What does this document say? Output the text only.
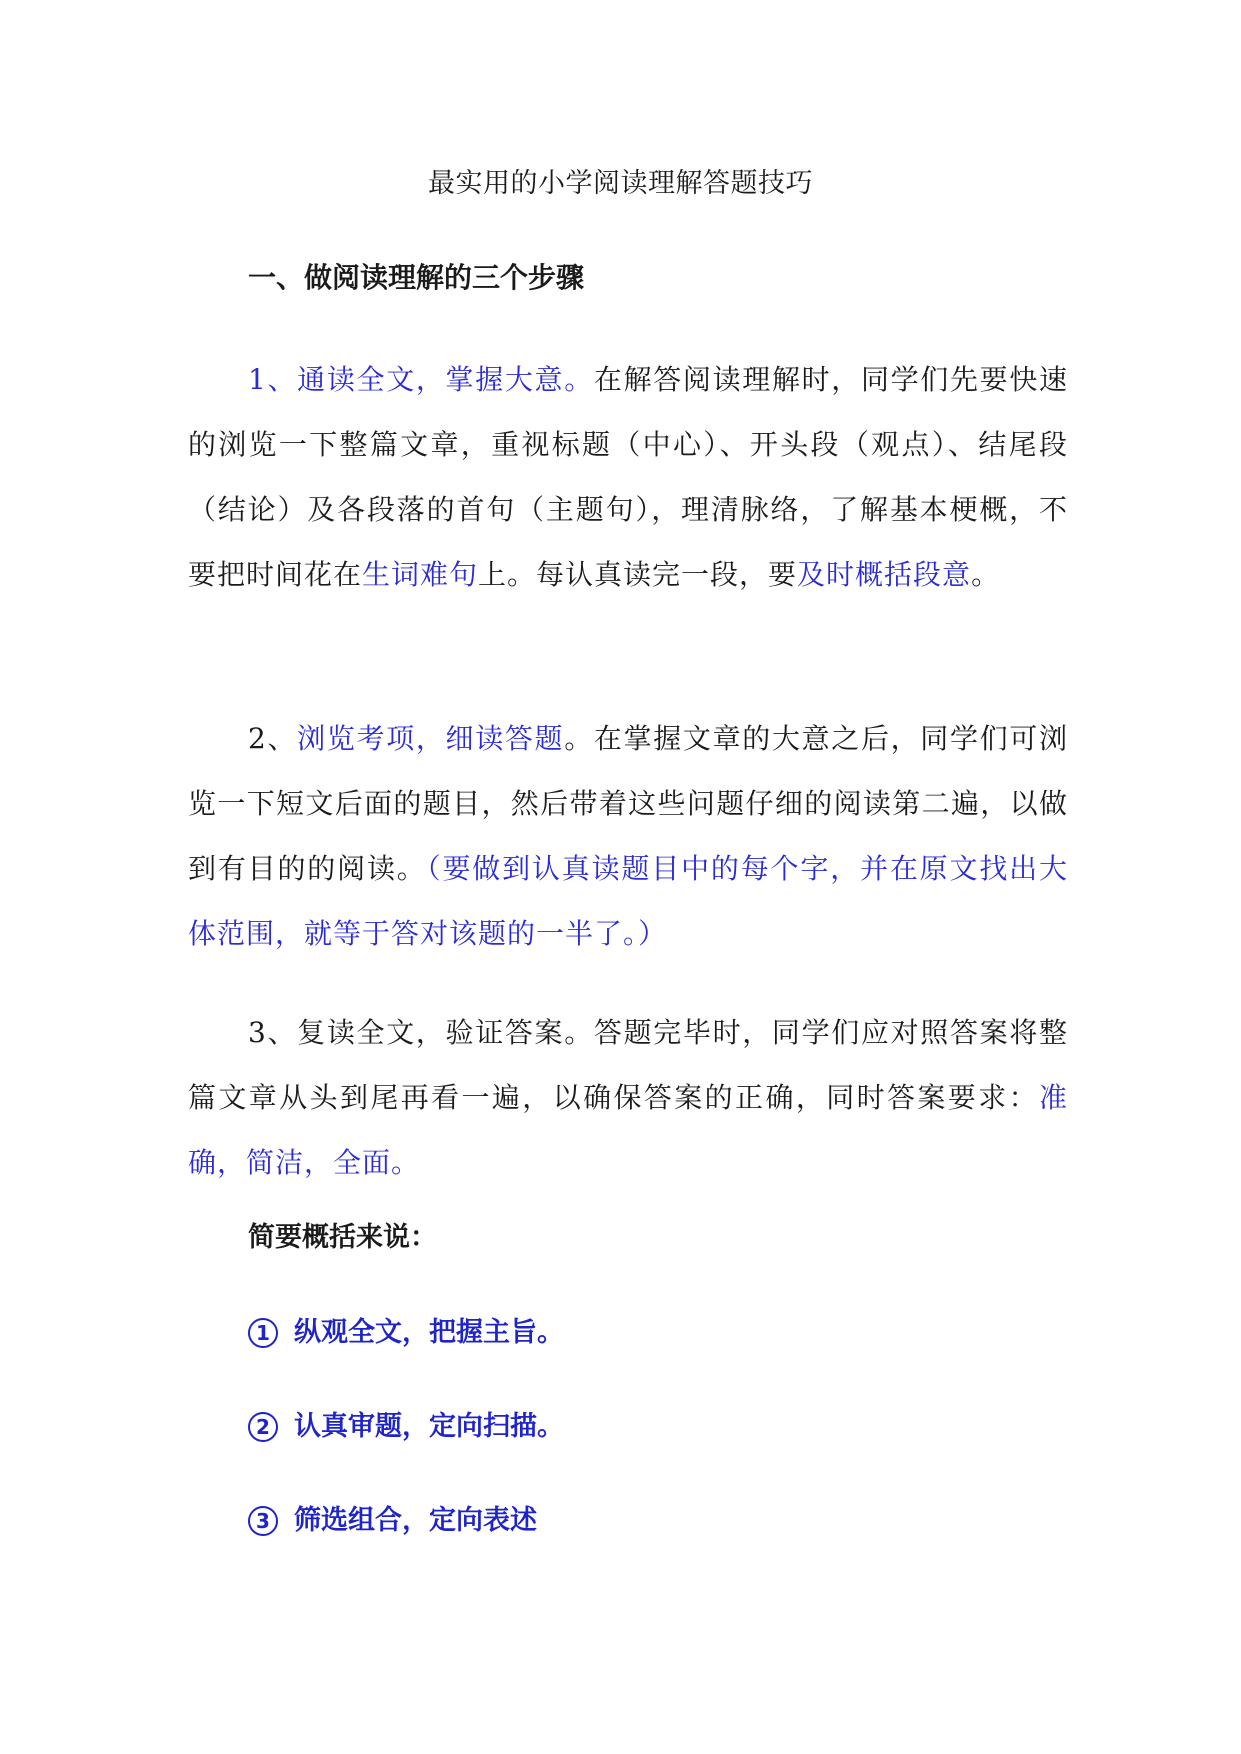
最实用的小学阅读理解答题技巧
一、做阅读理解的三个步骤

1、通读全文，掌握大意。在解答阅读理解时，同学们先要快速的浏览一下整篇文章，重视标题（中心）、开头段（观点）、结尾段（结论）及各段落的首句（主题句），理清脉络，了解基本梗概，不要把时间花在生词难句上。每认真读完一段，要及时概括段意。

2、浏览考项，细读答题。在掌握文章的大意之后，同学们可浏览一下短文后面的题目，然后带着这些问题仔细的阅读第二遍，以做到有目的的阅读。（要做到认真读题目中的每个字，并在原文找出大体范围，就等于答对该题的一半了。）

3、复读全文，验证答案。答题完毕时，同学们应对照答案将整篇文章从头到尾再看一遍，以确保答案的正确，同时答案要求：准确，简洁，全面。

简要概括来说：
1 纵观全文，把握主旨。
2 认真审题，定向扫描。
3 筛选组合，定向表述
